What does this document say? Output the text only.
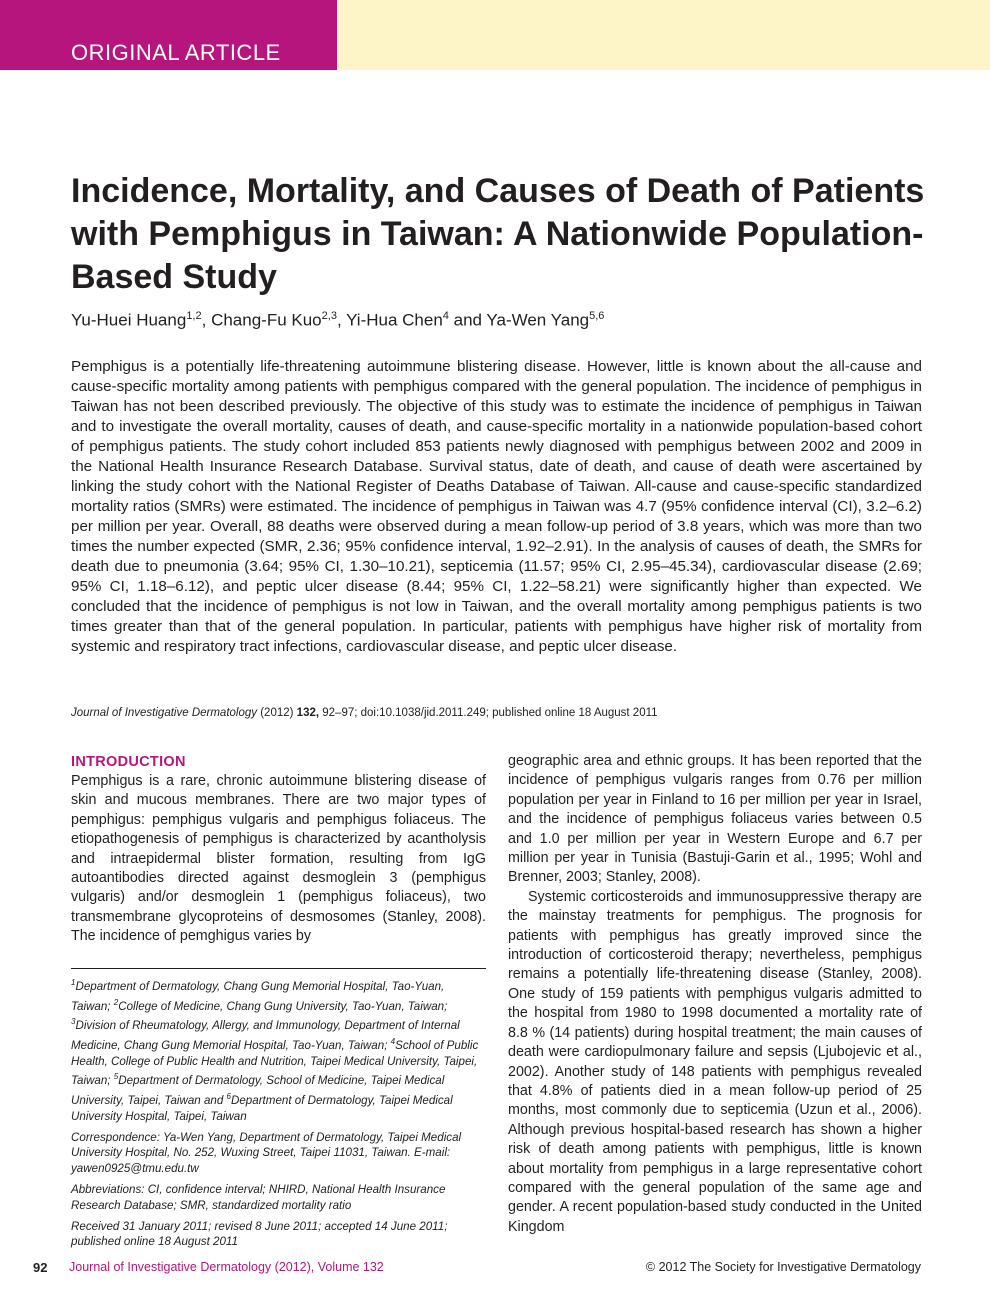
ORIGINAL ARTICLE
Incidence, Mortality, and Causes of Death of Patients with Pemphigus in Taiwan: A Nationwide Population-Based Study
Yu-Huei Huang$^{1,2}$, Chang-Fu Kuo$^{2,3}$, Yi-Hua Chen$^4$ and Ya-Wen Yang$^{5,6}$
Pemphigus is a potentially life-threatening autoimmune blistering disease. However, little is known about the all-cause and cause-specific mortality among patients with pemphigus compared with the general population. The incidence of pemphigus in Taiwan has not been described previously. The objective of this study was to estimate the incidence of pemphigus in Taiwan and to investigate the overall mortality, causes of death, and cause-specific mortality in a nationwide population-based cohort of pemphigus patients. The study cohort included 853 patients newly diagnosed with pemphigus between 2002 and 2009 in the National Health Insurance Research Database. Survival status, date of death, and cause of death were ascertained by linking the study cohort with the National Register of Deaths Database of Taiwan. All-cause and cause-specific standardized mortality ratios (SMRs) were estimated. The incidence of pemphigus in Taiwan was 4.7 (95% confidence interval (CI), 3.2–6.2) per million per year. Overall, 88 deaths were observed during a mean follow-up period of 3.8 years, which was more than two times the number expected (SMR, 2.36; 95% confidence interval, 1.92–2.91). In the analysis of causes of death, the SMRs for death due to pneumonia (3.64; 95% CI, 1.30–10.21), septicemia (11.57; 95% CI, 2.95–45.34), cardiovascular disease (2.69; 95% CI, 1.18–6.12), and peptic ulcer disease (8.44; 95% CI, 1.22–58.21) were significantly higher than expected. We concluded that the incidence of pemphigus is not low in Taiwan, and the overall mortality among pemphigus patients is two times greater than that of the general population. In particular, patients with pemphigus have higher risk of mortality from systemic and respiratory tract infections, cardiovascular disease, and peptic ulcer disease.
Journal of Investigative Dermatology (2012) 132, 92–97; doi:10.1038/jid.2011.249; published online 18 August 2011
INTRODUCTION

Pemphigus is a rare, chronic autoimmune blistering disease of skin and mucous membranes. There are two major types of pemphigus: pemphigus vulgaris and pemphigus foliaceus. The etiopathogenesis of pemphigus is characterized by acantholysis and intraepidermal blister formation, resulting from IgG autoantibodies directed against desmoglein 3 (pemphigus vulgaris) and/or desmoglein 1 (pemphigus foliaceus), two transmembrane glycoproteins of desmosomes (Stanley, 2008). The incidence of pemghigus varies by

$^1$Department of Dermatology, Chang Gung Memorial Hospital, Tao-Yuan, Taiwan; $^2$College of Medicine, Chang Gung University, Tao-Yuan, Taiwan; $^3$Division of Rheumatology, Allergy, and Immunology, Department of Internal Medicine, Chang Gung Memorial Hospital, Tao-Yuan, Taiwan; $^4$School of Public Health, College of Public Health and Nutrition, Taipei Medical University, Taipei, Taiwan; $^5$Department of Dermatology, School of Medicine, Taipei Medical University, Taipei, Taiwan and $^6$Department of Dermatology, Taipei Medical University Hospital, Taipei, Taiwan

Correspondence: Ya-Wen Yang, Department of Dermatology, Taipei Medical University Hospital, No. 252, Wuxing Street, Taipei 11031, Taiwan. E-mail: yawen0925@tmu.edu.tw

Abbreviations: CI, confidence interval; NHIRD, National Health Insurance Research Database; SMR, standardized mortality ratio

Received 31 January 2011; revised 8 June 2011; accepted 14 June 2011; published online 18 August 2011

geographic area and ethnic groups. It has been reported that the incidence of pemphigus vulgaris ranges from 0.76 per million population per year in Finland to 16 per million per year in Israel, and the incidence of pemphigus foliaceus varies between 0.5 and 1.0 per million per year in Western Europe and 6.7 per million per year in Tunisia (Bastuji-Garin et al., 1995; Wohl and Brenner, 2003; Stanley, 2008).

Systemic corticosteroids and immunosuppressive therapy are the mainstay treatments for pemphigus. The prognosis for patients with pemphigus has greatly improved since the introduction of corticosteroid therapy; nevertheless, pemphigus remains a potentially life-threatening disease (Stanley, 2008). One study of 159 patients with pemphigus vulgaris admitted to the hospital from 1980 to 1998 documented a mortality rate of 8.8 % (14 patients) during hospital treatment; the main causes of death were cardiopulmonary failure and sepsis (Ljubojevic et al., 2002). Another study of 148 patients with pemphigus revealed that 4.8% of patients died in a mean follow-up period of 25 months, most commonly due to septicemia (Uzun et al., 2006). Although previous hospital-based research has shown a higher risk of death among patients with pemphigus, little is known about mortality from pemphigus in a large representative cohort compared with the general population of the same age and gender. A recent population-based study conducted in the United Kingdom

92 Journal of Investigative Dermatology (2012), Volume 132	© 2012 The Society for Investigative Dermatology
